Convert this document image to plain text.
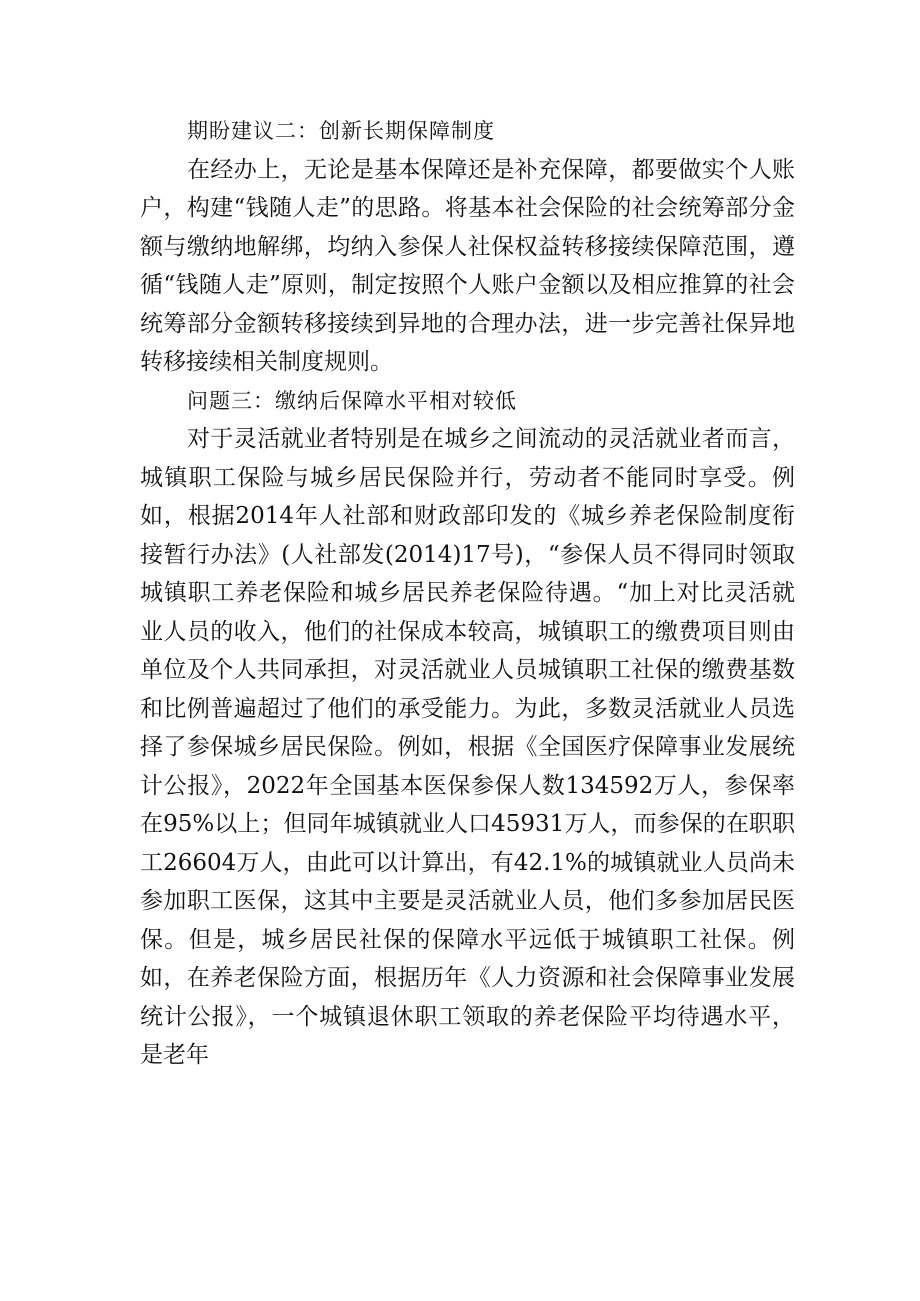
期盼建议二：创新长期保障制度

在经办上，无论是基本保障还是补充保障，都要做实个人账户，构建“钱随人走”的思路。将基本社会保险的社会统筹部分金额与缴纳地解绑，均纳入参保人社保权益转移接续保障范围，遵循“钱随人走”原则，制定按照个人账户金额以及相应推算的社会统筹部分金额转移接续到异地的合理办法，进一步完善社保异地转移接续相关制度规则。

问题三：缴纳后保障水平相对较低

对于灵活就业者特别是在城乡之间流动的灵活就业者而言，城镇职工保险与城乡居民保险并行，劳动者不能同时享受。例如，根据2014年人社部和财政部印发的《城乡养老保险制度衔接暂行办法》(人社部发(2014)17号)，“参保人员不得同时领取城镇职工养老保险和城乡居民养老保险待遇。“加上对比灵活就业人员的收入，他们的社保成本较高，城镇职工的缴费项目则由单位及个人共同承担，对灵活就业人员城镇职工社保的缴费基数和比例普遍超过了他们的承受能力。为此，多数灵活就业人员选择了参保城乡居民保险。例如，根据《全国医疗保障事业发展统计公报》，2022年全国基本医保参保人数134592万人，参保率在95%以上；但同年城镇就业人口45931万人，而参保的在职职工26604万人，由此可以计算出，有42.1%的城镇就业人员尚未参加职工医保，这其中主要是灵活就业人员，他们多参加居民医保。但是，城乡居民社保的保障水平远低于城镇职工社保。例如，在养老保险方面，根据历年《人力资源和社会保障事业发展统计公报》，一个城镇退休职工领取的养老保险平均待遇水平，是老年
